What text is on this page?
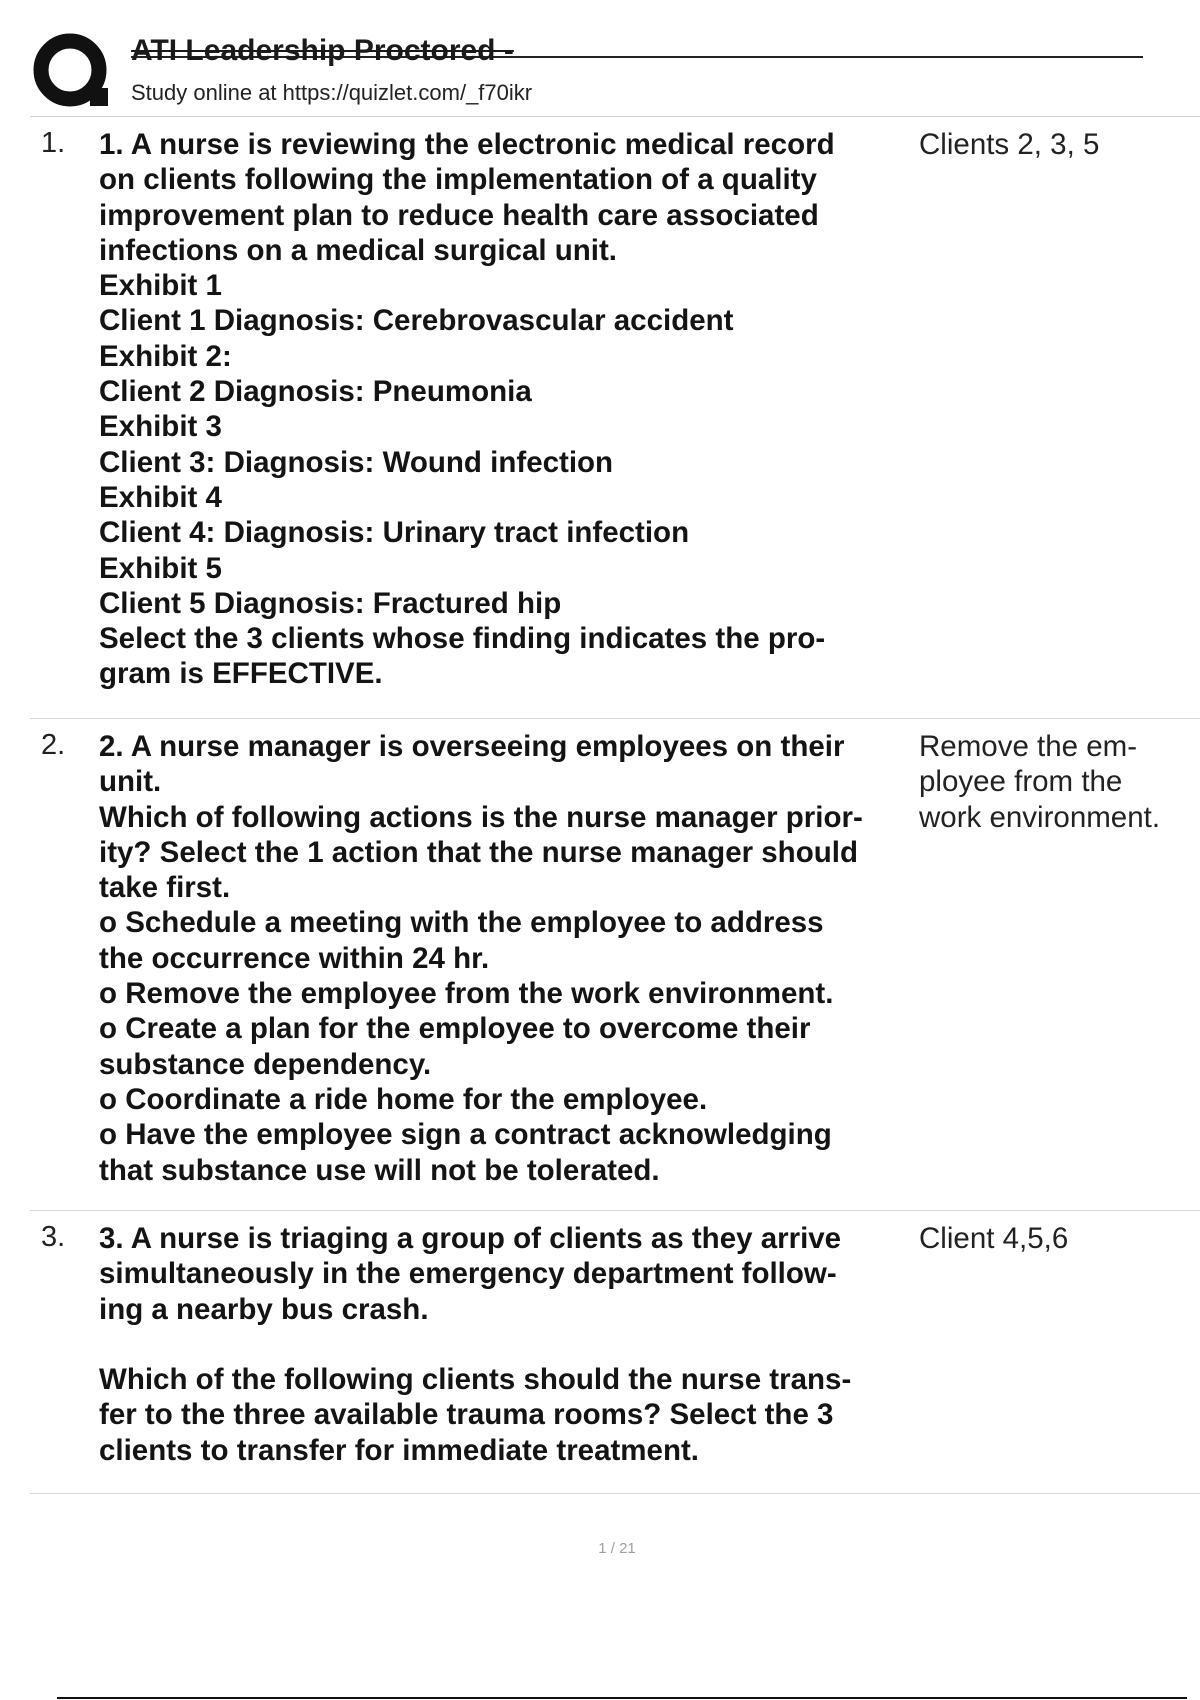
ATI Leadership Proctored -
Study online at https://quizlet.com/_f70ikr
1. 1. A nurse is reviewing the electronic medical record
on clients following the implementation of a quality
improvement plan to reduce health care associated
infections on a medical surgical unit.
Exhibit 1
Client 1 Diagnosis: Cerebrovascular accident
Exhibit 2:
Client 2 Diagnosis: Pneumonia
Exhibit 3
Client 3: Diagnosis: Wound infection
Exhibit 4
Client 4: Diagnosis: Urinary tract infection
Exhibit 5
Client 5 Diagnosis: Fractured hip
Select the 3 clients whose finding indicates the pro-
gram is EFFECTIVE.
Clients 2, 3, 5
2. 2. A nurse manager is overseeing employees on their
unit.
Which of following actions is the nurse manager prior-
ity? Select the 1 action that the nurse manager should
take first.
o Schedule a meeting with the employee to address
the occurrence within 24 hr.
o Remove the employee from the work environment.
o Create a plan for the employee to overcome their
substance dependency.
o Coordinate a ride home for the employee.
o Have the employee sign a contract acknowledging
that substance use will not be tolerated.
Remove the em-
ployee from the
work environment.
3. 3. A nurse is triaging a group of clients as they arrive
simultaneously in the emergency department follow-
ing a nearby bus crash.

Which of the following clients should the nurse trans-
fer to the three available trauma rooms? Select the 3
clients to transfer for immediate treatment.
Client 4,5,6
1 / 21
